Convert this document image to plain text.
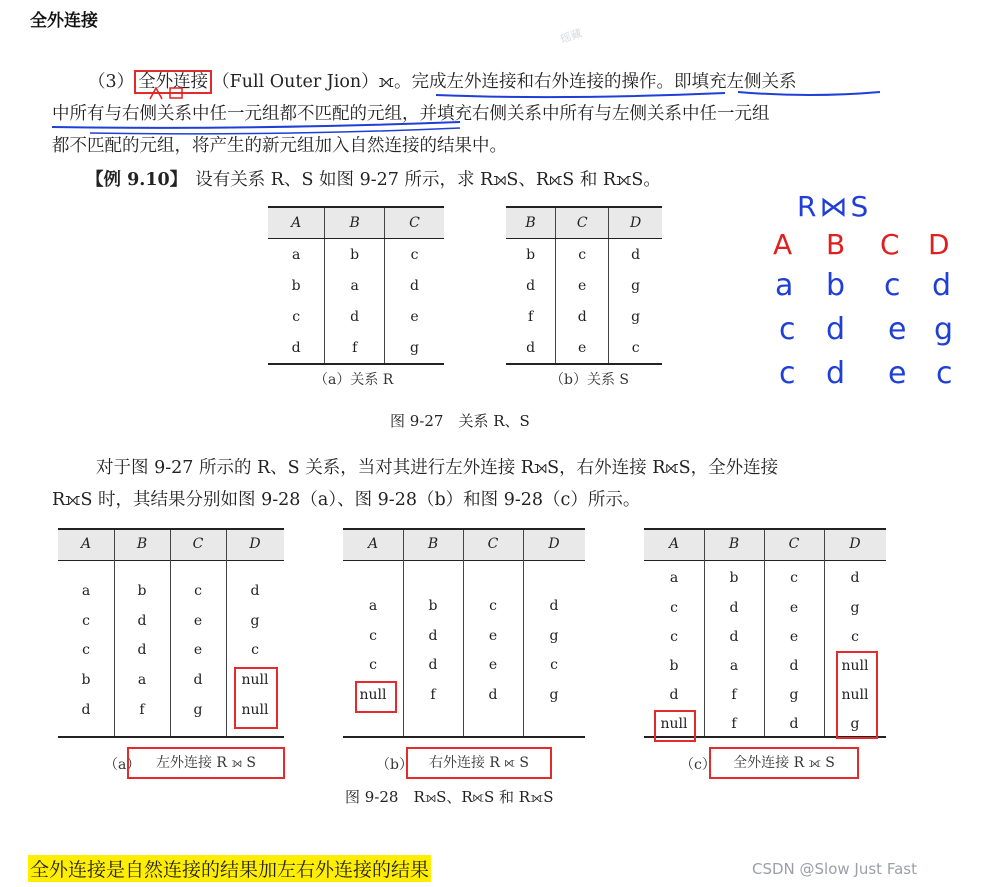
全外连接
瑶藏
（3） 全外连接 （Full Outer Jion）⟗。完成左外连接和右外连接的操作。即填充左侧关系
中所有与右侧关系中任一元组都不匹配的元组，并填充右侧关系中所有与左侧关系中任一元组
都不匹配的元组，将产生的新元组加入自然连接的结果中。
【例 9.10】 设有关系 R、S 如图 9-27 所示，求 R⟕S、R⟖S 和 R⟗S。
A	B	C
a	b	c
b	a	d
c	d	e
d	f	g
（a）关系 R
B	C	D
b	c	d
d	e	g
f	d	g
d	e	c
（b）关系 S
图 9-27　关系 R、S
R⋈S
A B C D
a b c d
c d e g
c d e c
对于图 9-27 所示的 R、S 关系，当对其进行左外连接 R⟕S，右外连接 R⟖S，全外连接
R⟗S 时，其结果分别如图 9-28（a）、图 9-28（b）和图 9-28（c）所示。
A	B	C	D
a	b	c	d
c	d	e	g
c	d	e	c
b	a	d	null
d	f	g	null
（a）	左外连接 R ⟕ S
A	B	C	D
a	b	c	d
c	d	e	g
c	d	e	c
null	f	d	g
（b）	右外连接 R ⟖ S
A	B	C	D
a	b	c	d
c	d	e	g
c	d	e	c
b	a	d	null
d	f	g	null
null	f	d	g
（c）	全外连接 R ⟗ S
图 9-28　R⟕S、R⟖S 和 R⟗S
全外连接是自然连接的结果加左右外连接的结果	CSDN @Slow Just Fast
